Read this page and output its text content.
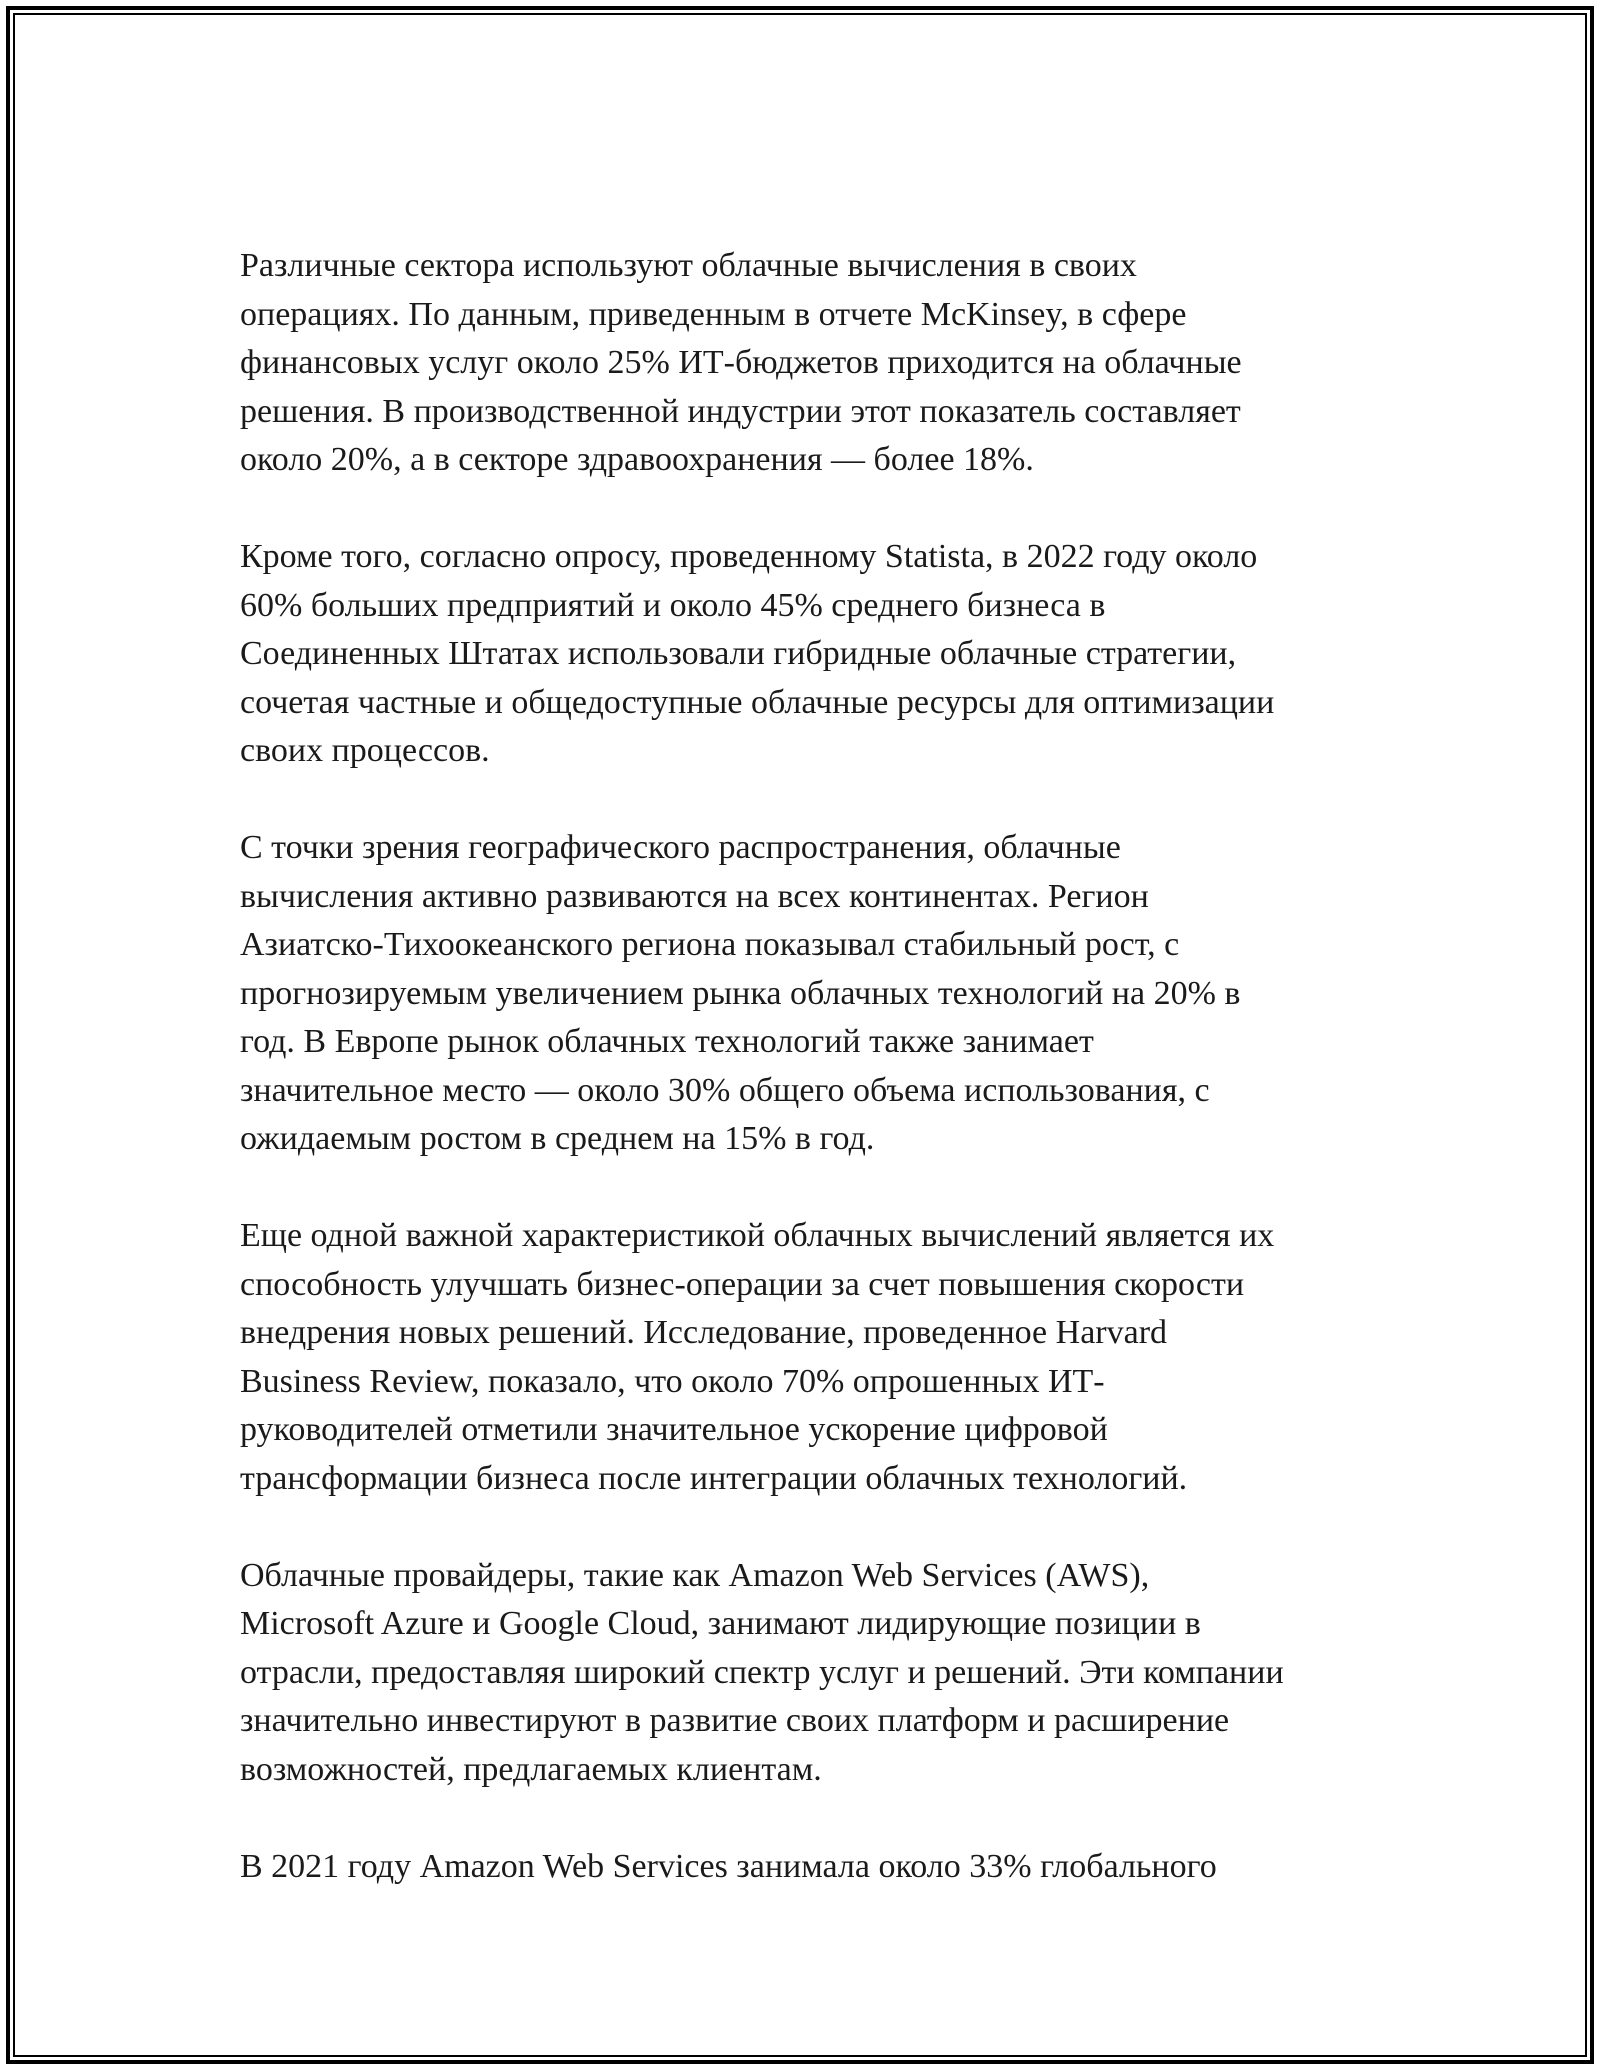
Различные сектора используют облачные вычисления в своих
операциях. По данным, приведенным в отчете McKinsey, в сфере
финансовых услуг около 25% ИТ-бюджетов приходится на облачные
решения. В производственной индустрии этот показатель составляет
около 20%, а в секторе здравоохранения — более 18%.

Кроме того, согласно опросу, проведенному Statista, в 2022 году около
60% больших предприятий и около 45% среднего бизнеса в
Соединенных Штатах использовали гибридные облачные стратегии,
сочетая частные и общедоступные облачные ресурсы для оптимизации
своих процессов.

С точки зрения географического распространения, облачные
вычисления активно развиваются на всех континентах. Регион
Азиатско-Тихоокеанского региона показывал стабильный рост, с
прогнозируемым увеличением рынка облачных технологий на 20% в
год. В Европе рынок облачных технологий также занимает
значительное место — около 30% общего объема использования, с
ожидаемым ростом в среднем на 15% в год.

Еще одной важной характеристикой облачных вычислений является их
способность улучшать бизнес-операции за счет повышения скорости
внедрения новых решений. Исследование, проведенное Harvard
Business Review, показало, что около 70% опрошенных ИТ-
руководителей отметили значительное ускорение цифровой
трансформации бизнеса после интеграции облачных технологий.

Облачные провайдеры, такие как Amazon Web Services (AWS),
Microsoft Azure и Google Cloud, занимают лидирующие позиции в
отрасли, предоставляя широкий спектр услуг и решений. Эти компании
значительно инвестируют в развитие своих платформ и расширение
возможностей, предлагаемых клиентам.

В 2021 году Amazon Web Services занимала около 33% глобального
